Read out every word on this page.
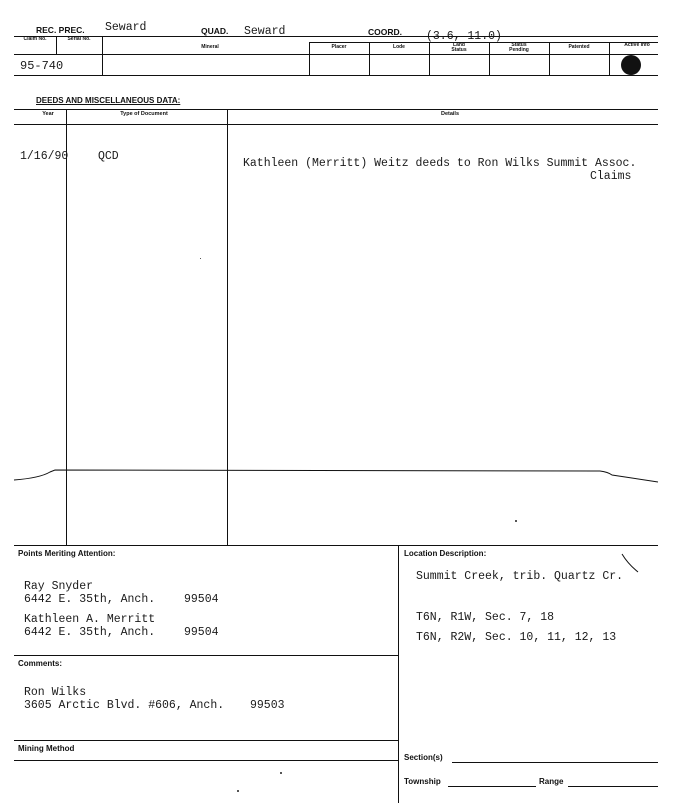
REC. PREC. Seward	QUAD. Seward	COORD. (3.6, 11.0)
Claim No.	Serial No.
Mineral	Placer	Lode	Land Status
Status Pending	Patented	Active Info
95-740
DEEDS AND MISCELLANEOUS DATA:
Year	Type of Document	Details
1/16/90	QCD
Kathleen (Merritt) Weitz deeds to Ron Wilks Summit Assoc.
Claims
Points Meriting Attention:
Ray Snyder
6442 E. 35th, Anch.	99504
Kathleen A. Merritt
6442 E. 35th, Anch.	99504
Comments:
Ron Wilks
3605 Arctic Blvd. #606, Anch. 99503
Mining Method
Location Description:
Summit Creek, trib. Quartz Cr.
T6N, R1W, Sec. 7, 18
T6N, R2W, Sec. 10, 11, 12, 13
Section(s)
Township	Range
